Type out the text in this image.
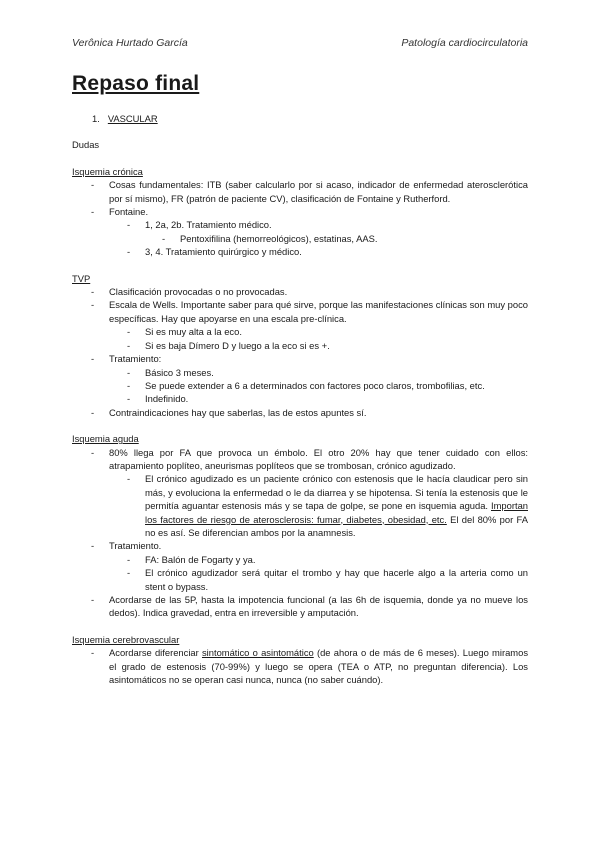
Verônica Hurtado García	Patología cardiocirculatoria
Repaso final
1. VASCULAR
Dudas
Isquemia crónica
- Cosas fundamentales: ITB (saber calcularlo por si acaso, indicador de enfermedad aterosclerótica por sí mismo), FR (patrón de paciente CV), clasificación de Fontaine y Rutherford.
- Fontaine.
- 1, 2a, 2b. Tratamiento médico.
- Pentoxifilina (hemorreológicos), estatinas, AAS.
- 3, 4. Tratamiento quirúrgico y médico.
TVP
- Clasificación provocadas o no provocadas.
- Escala de Wells. Importante saber para qué sirve, porque las manifestaciones clínicas son muy poco específicas. Hay que apoyarse en una escala pre-clínica.
- Si es muy alta a la eco.
- Si es baja Dímero D y luego a la eco si es +.
- Tratamiento:
- Básico 3 meses.
- Se puede extender a 6 a determinados con factores poco claros, trombofilias, etc.
- Indefinido.
- Contraindicaciones hay que saberlas, las de estos apuntes sí.
Isquemia aguda
- 80% llega por FA que provoca un émbolo. El otro 20% hay que tener cuidado con ellos: atrapamiento poplíteo, aneurismas poplíteos que se trombosan, crónico agudizado.
- El crónico agudizado es un paciente crónico con estenosis que le hacía claudicar pero sin más, y evoluciona la enfermedad o le da diarrea y se hipotensa. Si tenía la estenosis que le permitía aguantar estenosis más y se tapa de golpe, se pone en isquemia aguda. Importan los factores de riesgo de aterosclerosis: fumar, diabetes, obesidad, etc. El del 80% por FA no es así. Se diferencian ambos por la anamnesis.
- Tratamiento.
- FA: Balón de Fogarty y ya.
- El crónico agudizador será quitar el trombo y hay que hacerle algo a la arteria como un stent o bypass.
- Acordarse de las 5P, hasta la impotencia funcional (a las 6h de isquemia, donde ya no mueve los dedos). Indica gravedad, entra en irreversible y amputación.
Isquemia cerebrovascular
- Acordarse diferenciar sintomático o asintomático (de ahora o de más de 6 meses). Luego miramos el grado de estenosis (70-99%) y luego se opera (TEA o ATP, no preguntan diferencia). Los asintomáticos no se operan casi nunca, nunca (no saber cuándo).
